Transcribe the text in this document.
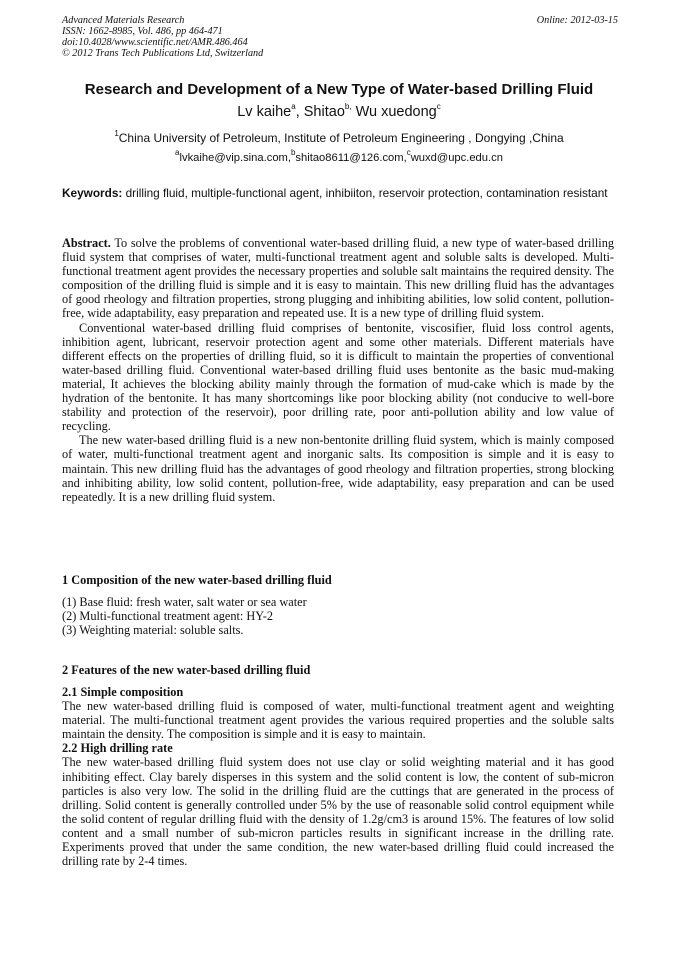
Advanced Materials Research
ISSN: 1662-8985, Vol. 486, pp 464-471
doi:10.4028/www.scientific.net/AMR.486.464
© 2012 Trans Tech Publications Ltd, Switzerland
Online: 2012-03-15
Research and Development of a New Type of Water-based Drilling Fluid
Lv kaihe$^a$, Shitao$^{b,}$ Wu xuedong$^c$
$^1$China University of Petroleum, Institute of Petroleum Engineering , Dongying ,China
$^a$lvkaihe@vip.sina.com,$^b$shitao8611@126.com,$^c$wuxd@upc.edu.cn
Keywords: drilling fluid, multiple-functional agent, inhibiiton, reservoir protection, contamination resistant

Abstract. To solve the problems of conventional water-based drilling fluid, a new type of water-based drilling fluid system that comprises of water, multi-functional treatment agent and soluble salts is developed. Multi-functional treatment agent provides the necessary properties and soluble salt maintains the required density. The composition of the drilling fluid is simple and it is easy to maintain. This new drilling fluid has the advantages of good rheology and filtration properties, strong plugging and inhibiting abilities, low solid content, pollution-free, wide adaptability, easy preparation and repeated use. It is a new type of drilling fluid system.

Conventional water-based drilling fluid comprises of bentonite, viscosifier, fluid loss control agents, inhibition agent, lubricant, reservoir protection agent and some other materials. Different materials have different effects on the properties of drilling fluid, so it is difficult to maintain the properties of conventional water-based drilling fluid. Conventional water-based drilling fluid uses bentonite as the basic mud-making material, It achieves the blocking ability mainly through the formation of mud-cake which is made by the hydration of the bentonite. It has many shortcomings like poor blocking ability (not conducive to well-bore stability and protection of the reservoir), poor drilling rate, poor anti-pollution ability and low value of recycling.

The new water-based drilling fluid is a new non-bentonite drilling fluid system, which is mainly composed of water, multi-functional treatment agent and inorganic salts. Its composition is simple and it is easy to maintain. This new drilling fluid has the advantages of good rheology and filtration properties, strong blocking and inhibiting ability, low solid content, pollution-free, wide adaptability, easy preparation and can be used repeatedly. It is a new drilling fluid system.

1 Composition of the new water-based drilling fluid
(1) Base fluid: fresh water, salt water or sea water
(2) Multi-functional treatment agent: HY-2
(3) Weighting material: soluble salts.
2 Features of the new water-based drilling fluid

2.1 Simple composition

The new water-based drilling fluid is composed of water, multi-functional treatment agent and weighting material. The multi-functional treatment agent provides the various required properties and the soluble salts maintain the density. The composition is simple and it is easy to maintain.

2.2 High drilling rate

The new water-based drilling fluid system does not use clay or solid weighting material and it has good inhibiting effect. Clay barely disperses in this system and the solid content is low, the content of sub-micron particles is also very low. The solid in the drilling fluid are the cuttings that are generated in the process of drilling. Solid content is generally controlled under 5% by the use of reasonable solid control equipment while the solid content of regular drilling fluid with the density of 1.2g/cm3 is around 15%. The features of low solid content and a small number of sub-micron particles results in significant increase in the drilling rate. Experiments proved that under the same condition, the new water-based drilling fluid could increased the drilling rate by 2-4 times.
